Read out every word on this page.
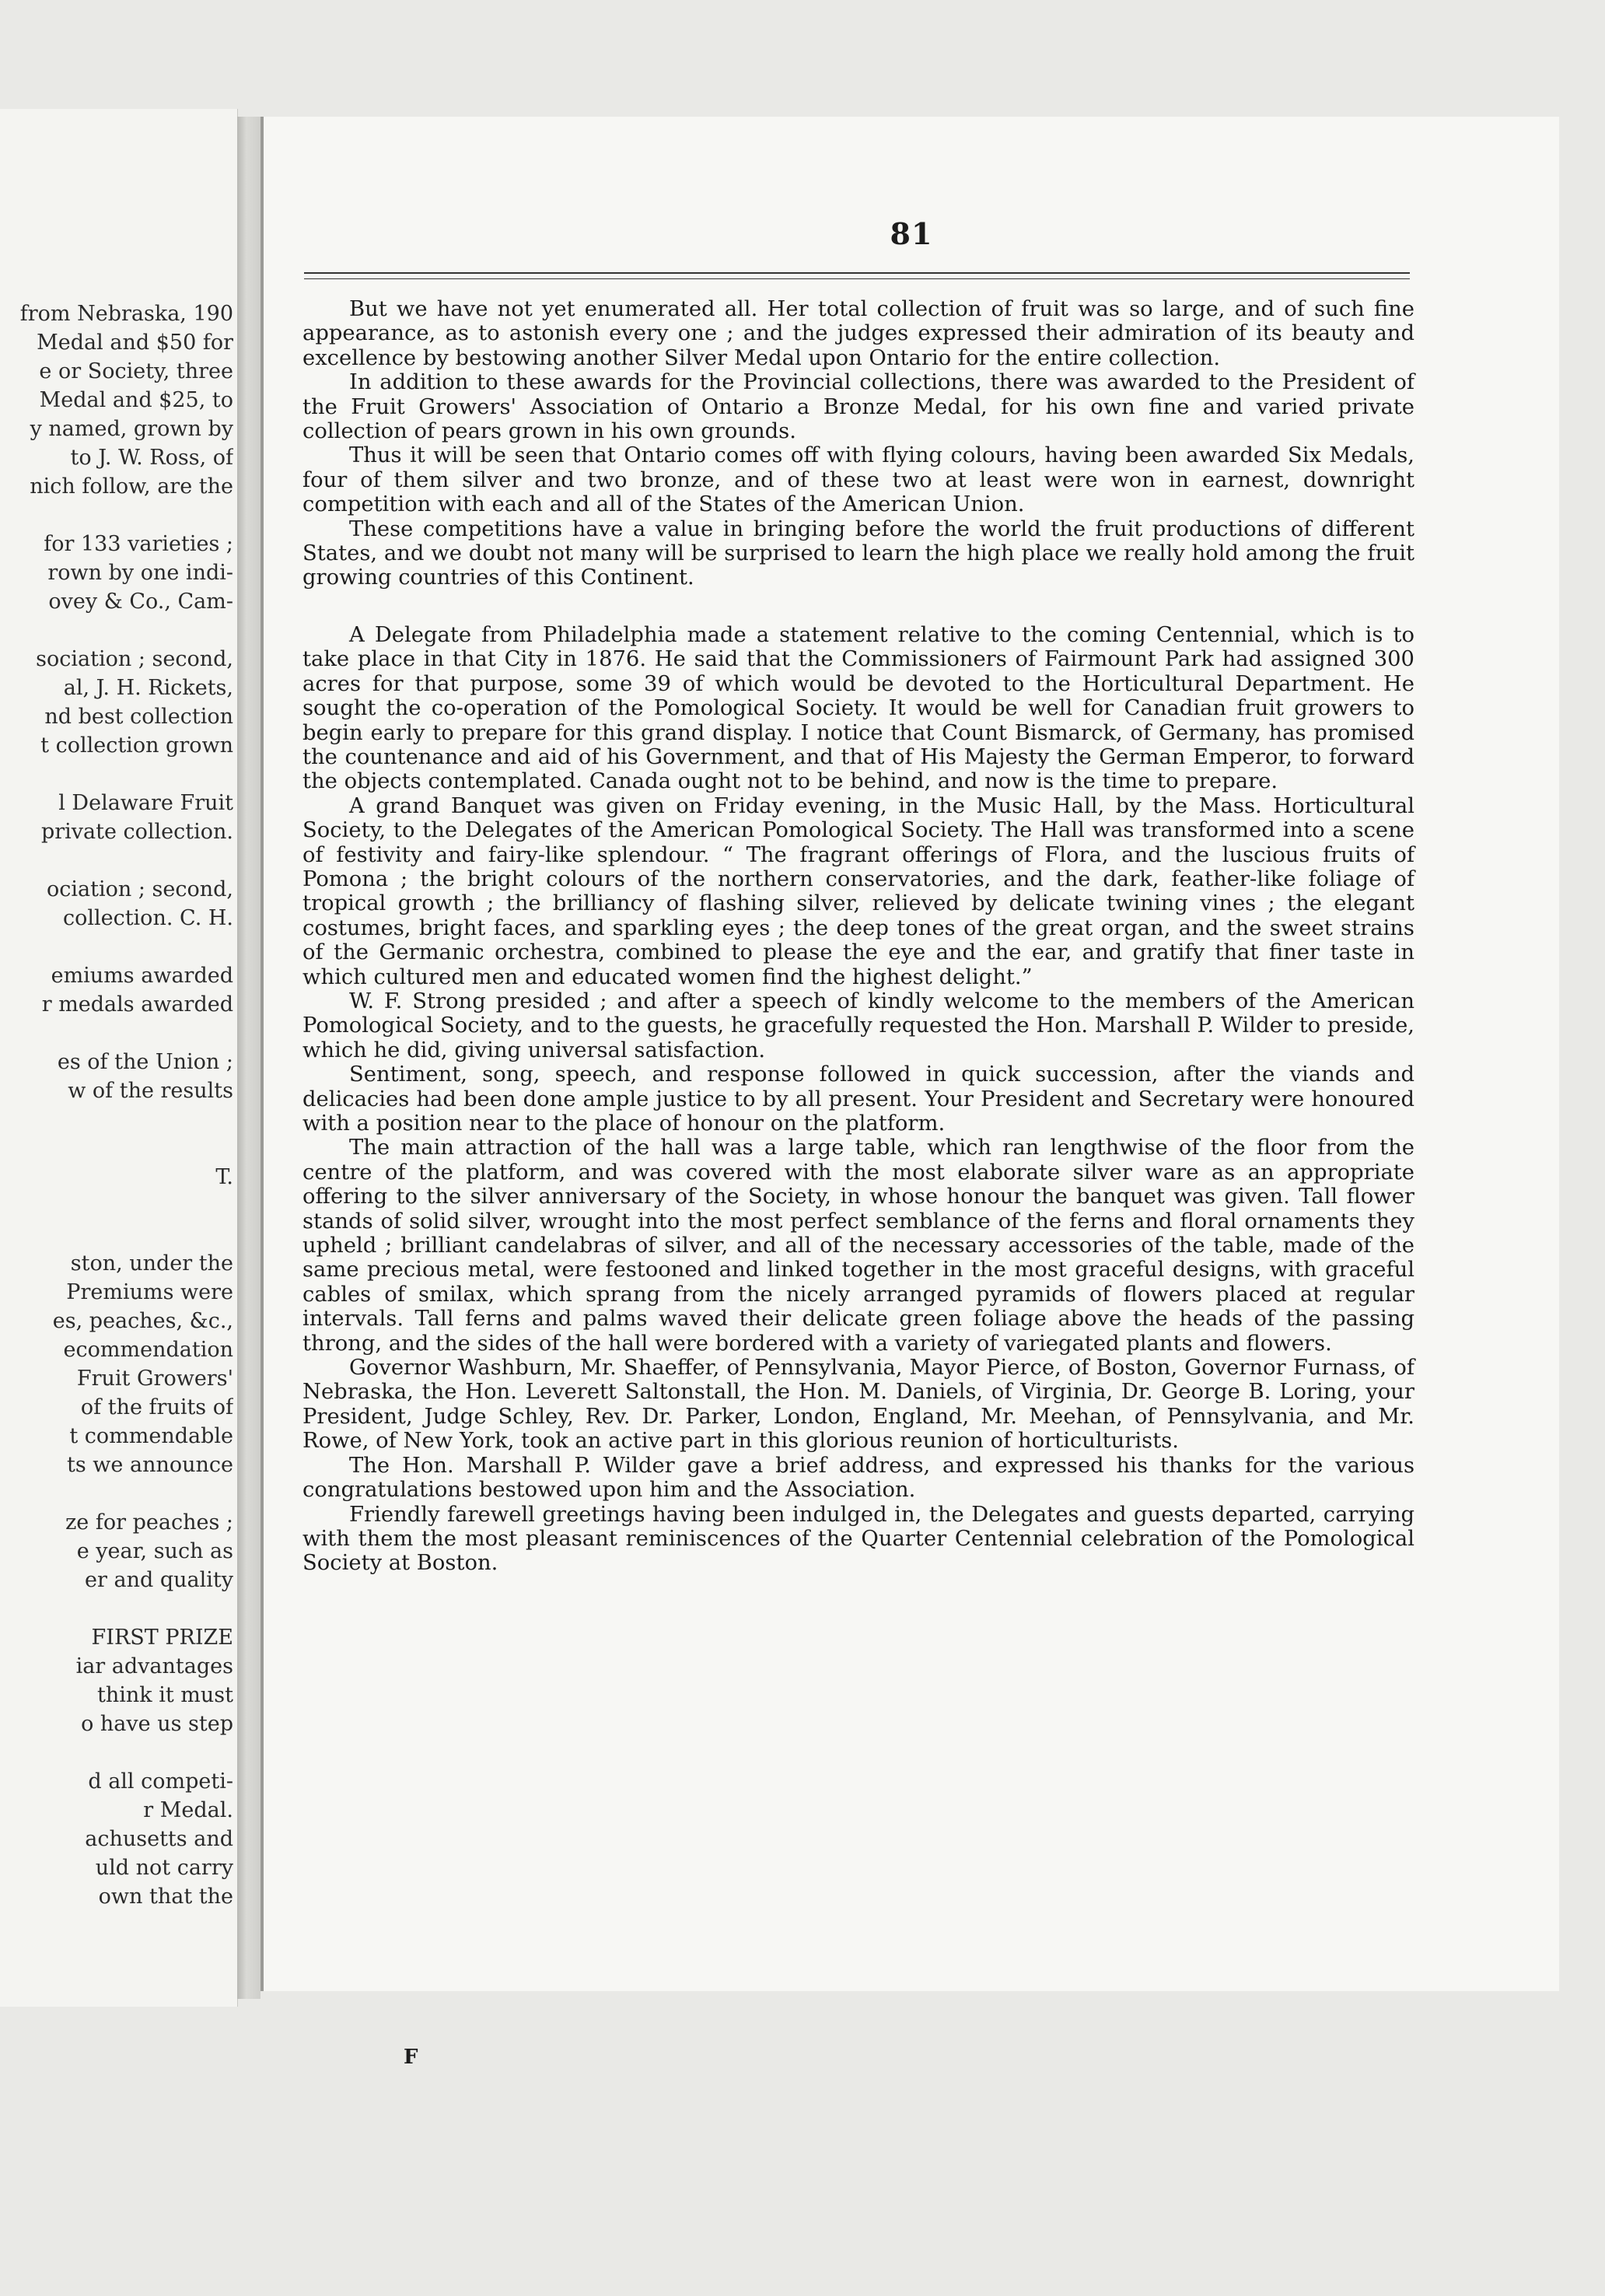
from Nebraska, 190
Medal and $50 for
e or Society, three
Medal and $25, to
y named, grown by
to J. W. Ross, of
nich follow, are the
for 133 varieties ;
rown by one indi-
ovey & Co., Cam-
sociation ; second,
al, J. H. Rickets,
nd best collection
t collection grown
l Delaware Fruit
private collection.
ociation ; second,
collection. C. H.
emiums awarded
r medals awarded
es of the Union ;
w of the results
T.
ston, under the
Premiums were
es, peaches, &c.,
ecommendation
Fruit Growers'
of the fruits of
t commendable
ts we announce
ze for peaches ;
e year, such as
er and quality
FIRST PRIZE
iar advantages
think it must
o have us step
d all competi-
r Medal.
achusetts and
uld not carry
own that the
81

But we have not yet enumerated all. Her total collection of fruit was so large, and of such fine appearance, as to astonish every one ; and the judges expressed their admiration of its beauty and excellence by bestowing another Silver Medal upon Ontario for the entire collection.

In addition to these awards for the Provincial collections, there was awarded to the President of the Fruit Growers' Association of Ontario a Bronze Medal, for his own fine and varied private collection of pears grown in his own grounds.

Thus it will be seen that Ontario comes off with flying colours, having been awarded Six Medals, four of them silver and two bronze, and of these two at least were won in earnest, downright competition with each and all of the States of the American Union.

These competitions have a value in bringing before the world the fruit productions of different States, and we doubt not many will be surprised to learn the high place we really hold among the fruit growing countries of this Continent.

A Delegate from Philadelphia made a statement relative to the coming Centennial, which is to take place in that City in 1876. He said that the Commissioners of Fairmount Park had assigned 300 acres for that purpose, some 39 of which would be devoted to the Horticultural Department. He sought the co-operation of the Pomological Society. It would be well for Canadian fruit growers to begin early to prepare for this grand display. I notice that Count Bismarck, of Germany, has promised the countenance and aid of his Government, and that of His Majesty the German Emperor, to forward the objects contemplated. Canada ought not to be behind, and now is the time to prepare.

A grand Banquet was given on Friday evening, in the Music Hall, by the Mass. Horticultural Society, to the Delegates of the American Pomological Society. The Hall was transformed into a scene of festivity and fairy-like splendour. “ The fragrant offerings of Flora, and the luscious fruits of Pomona ; the bright colours of the northern conservatories, and the dark, feather-like foliage of tropical growth ; the brilliancy of flashing silver, relieved by delicate twining vines ; the elegant costumes, bright faces, and sparkling eyes ; the deep tones of the great organ, and the sweet strains of the Germanic orchestra, combined to please the eye and the ear, and gratify that finer taste in which cultured men and educated women find the highest delight.”

W. F. Strong presided ; and after a speech of kindly welcome to the members of the American Pomological Society, and to the guests, he gracefully requested the Hon. Marshall P. Wilder to preside, which he did, giving universal satisfaction.

Sentiment, song, speech, and response followed in quick succession, after the viands and delicacies had been done ample justice to by all present. Your President and Secretary were honoured with a position near to the place of honour on the platform.

The main attraction of the hall was a large table, which ran lengthwise of the floor from the centre of the platform, and was covered with the most elaborate silver ware as an appropriate offering to the silver anniversary of the Society, in whose honour the banquet was given. Tall flower stands of solid silver, wrought into the most perfect semblance of the ferns and floral ornaments they upheld ; brilliant candelabras of silver, and all of the necessary accessories of the table, made of the same precious metal, were festooned and linked together in the most graceful designs, with graceful cables of smilax, which sprang from the nicely arranged pyramids of flowers placed at regular intervals. Tall ferns and palms waved their delicate green foliage above the heads of the passing throng, and the sides of the hall were bordered with a variety of variegated plants and flowers.

Governor Washburn, Mr. Shaeffer, of Pennsylvania, Mayor Pierce, of Boston, Governor Furnass, of Nebraska, the Hon. Leverett Saltonstall, the Hon. M. Daniels, of Virginia, Dr. George B. Loring, your President, Judge Schley, Rev. Dr. Parker, London, England, Mr. Meehan, of Pennsylvania, and Mr. Rowe, of New York, took an active part in this glorious reunion of horticulturists.

The Hon. Marshall P. Wilder gave a brief address, and expressed his thanks for the various congratulations bestowed upon him and the Association.

Friendly farewell greetings having been indulged in, the Delegates and guests departed, carrying with them the most pleasant reminiscences of the Quarter Centennial celebration of the Pomological Society at Boston.

F
